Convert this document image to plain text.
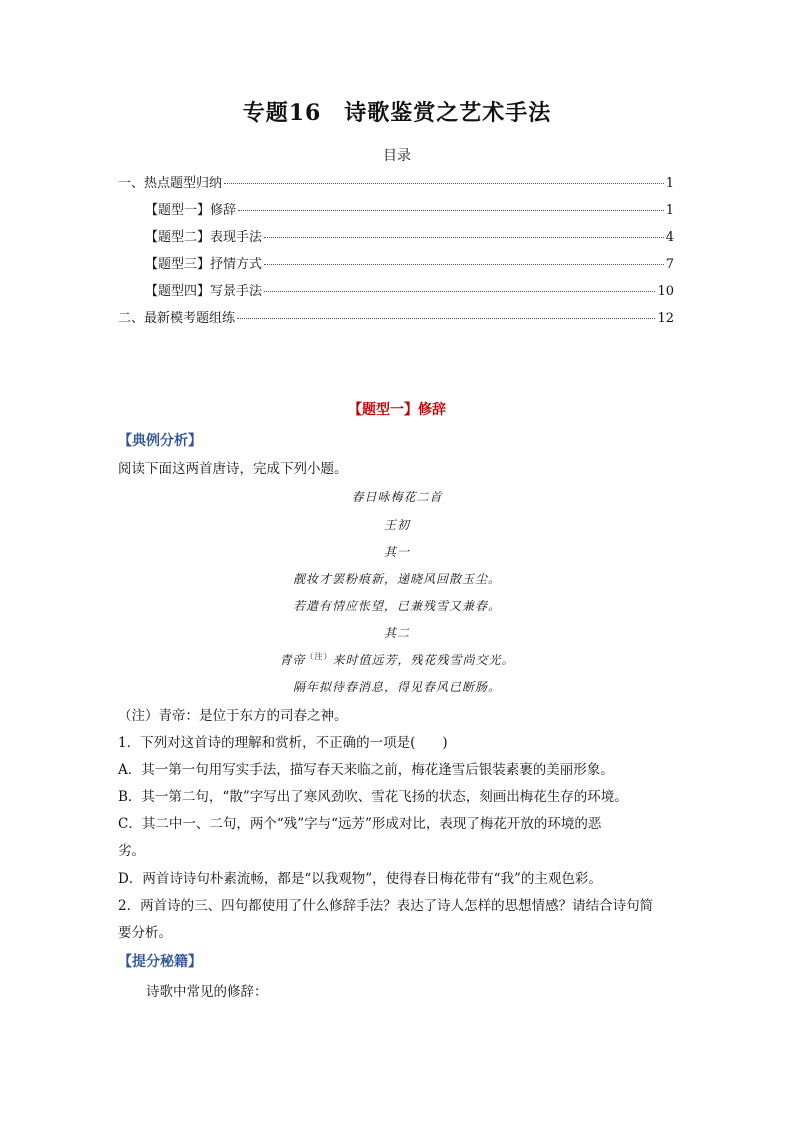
专题16　诗歌鉴赏之艺术手法
目录
一、热点题型归纳	1
【题型一】修辞	1
【题型二】表现手法	4
【题型三】抒情方式	7
【题型四】写景手法	10
二、最新模考题组练	12
【题型一】修辞
【典例分析】
阅读下面这两首唐诗，完成下列小题。
春日咏梅花二首
王初
其一
靓妆才罢粉痕新，递晓风回散玉尘。
若遣有情应怅望，已兼残雪又兼春。
其二
青帝$^{(注)}$来时值远芳，残花残雪尚交光。
隔年拟待春消息，得见春风已断肠。
（注）青帝：是位于东方的司春之神。
1．下列对这首诗的理解和赏析，不正确的一项是(　　)
A．其一第一句用写实手法，描写春天来临之前，梅花逢雪后银装素裹的美丽形象。
B．其一第二句，“散”字写出了寒风劲吹、雪花飞扬的状态，刻画出梅花生存的环境。
C．其二中一、二句，两个“残”字与“远芳”形成对比，表现了梅花开放的环境的恶
劣。
D．两首诗诗句朴素流畅，都是“以我观物”，使得春日梅花带有“我”的主观色彩。
2．两首诗的三、四句都使用了什么修辞手法？表达了诗人怎样的思想情感？请结合诗句简
要分析。
【提分秘籍】
诗歌中常见的修辞：
